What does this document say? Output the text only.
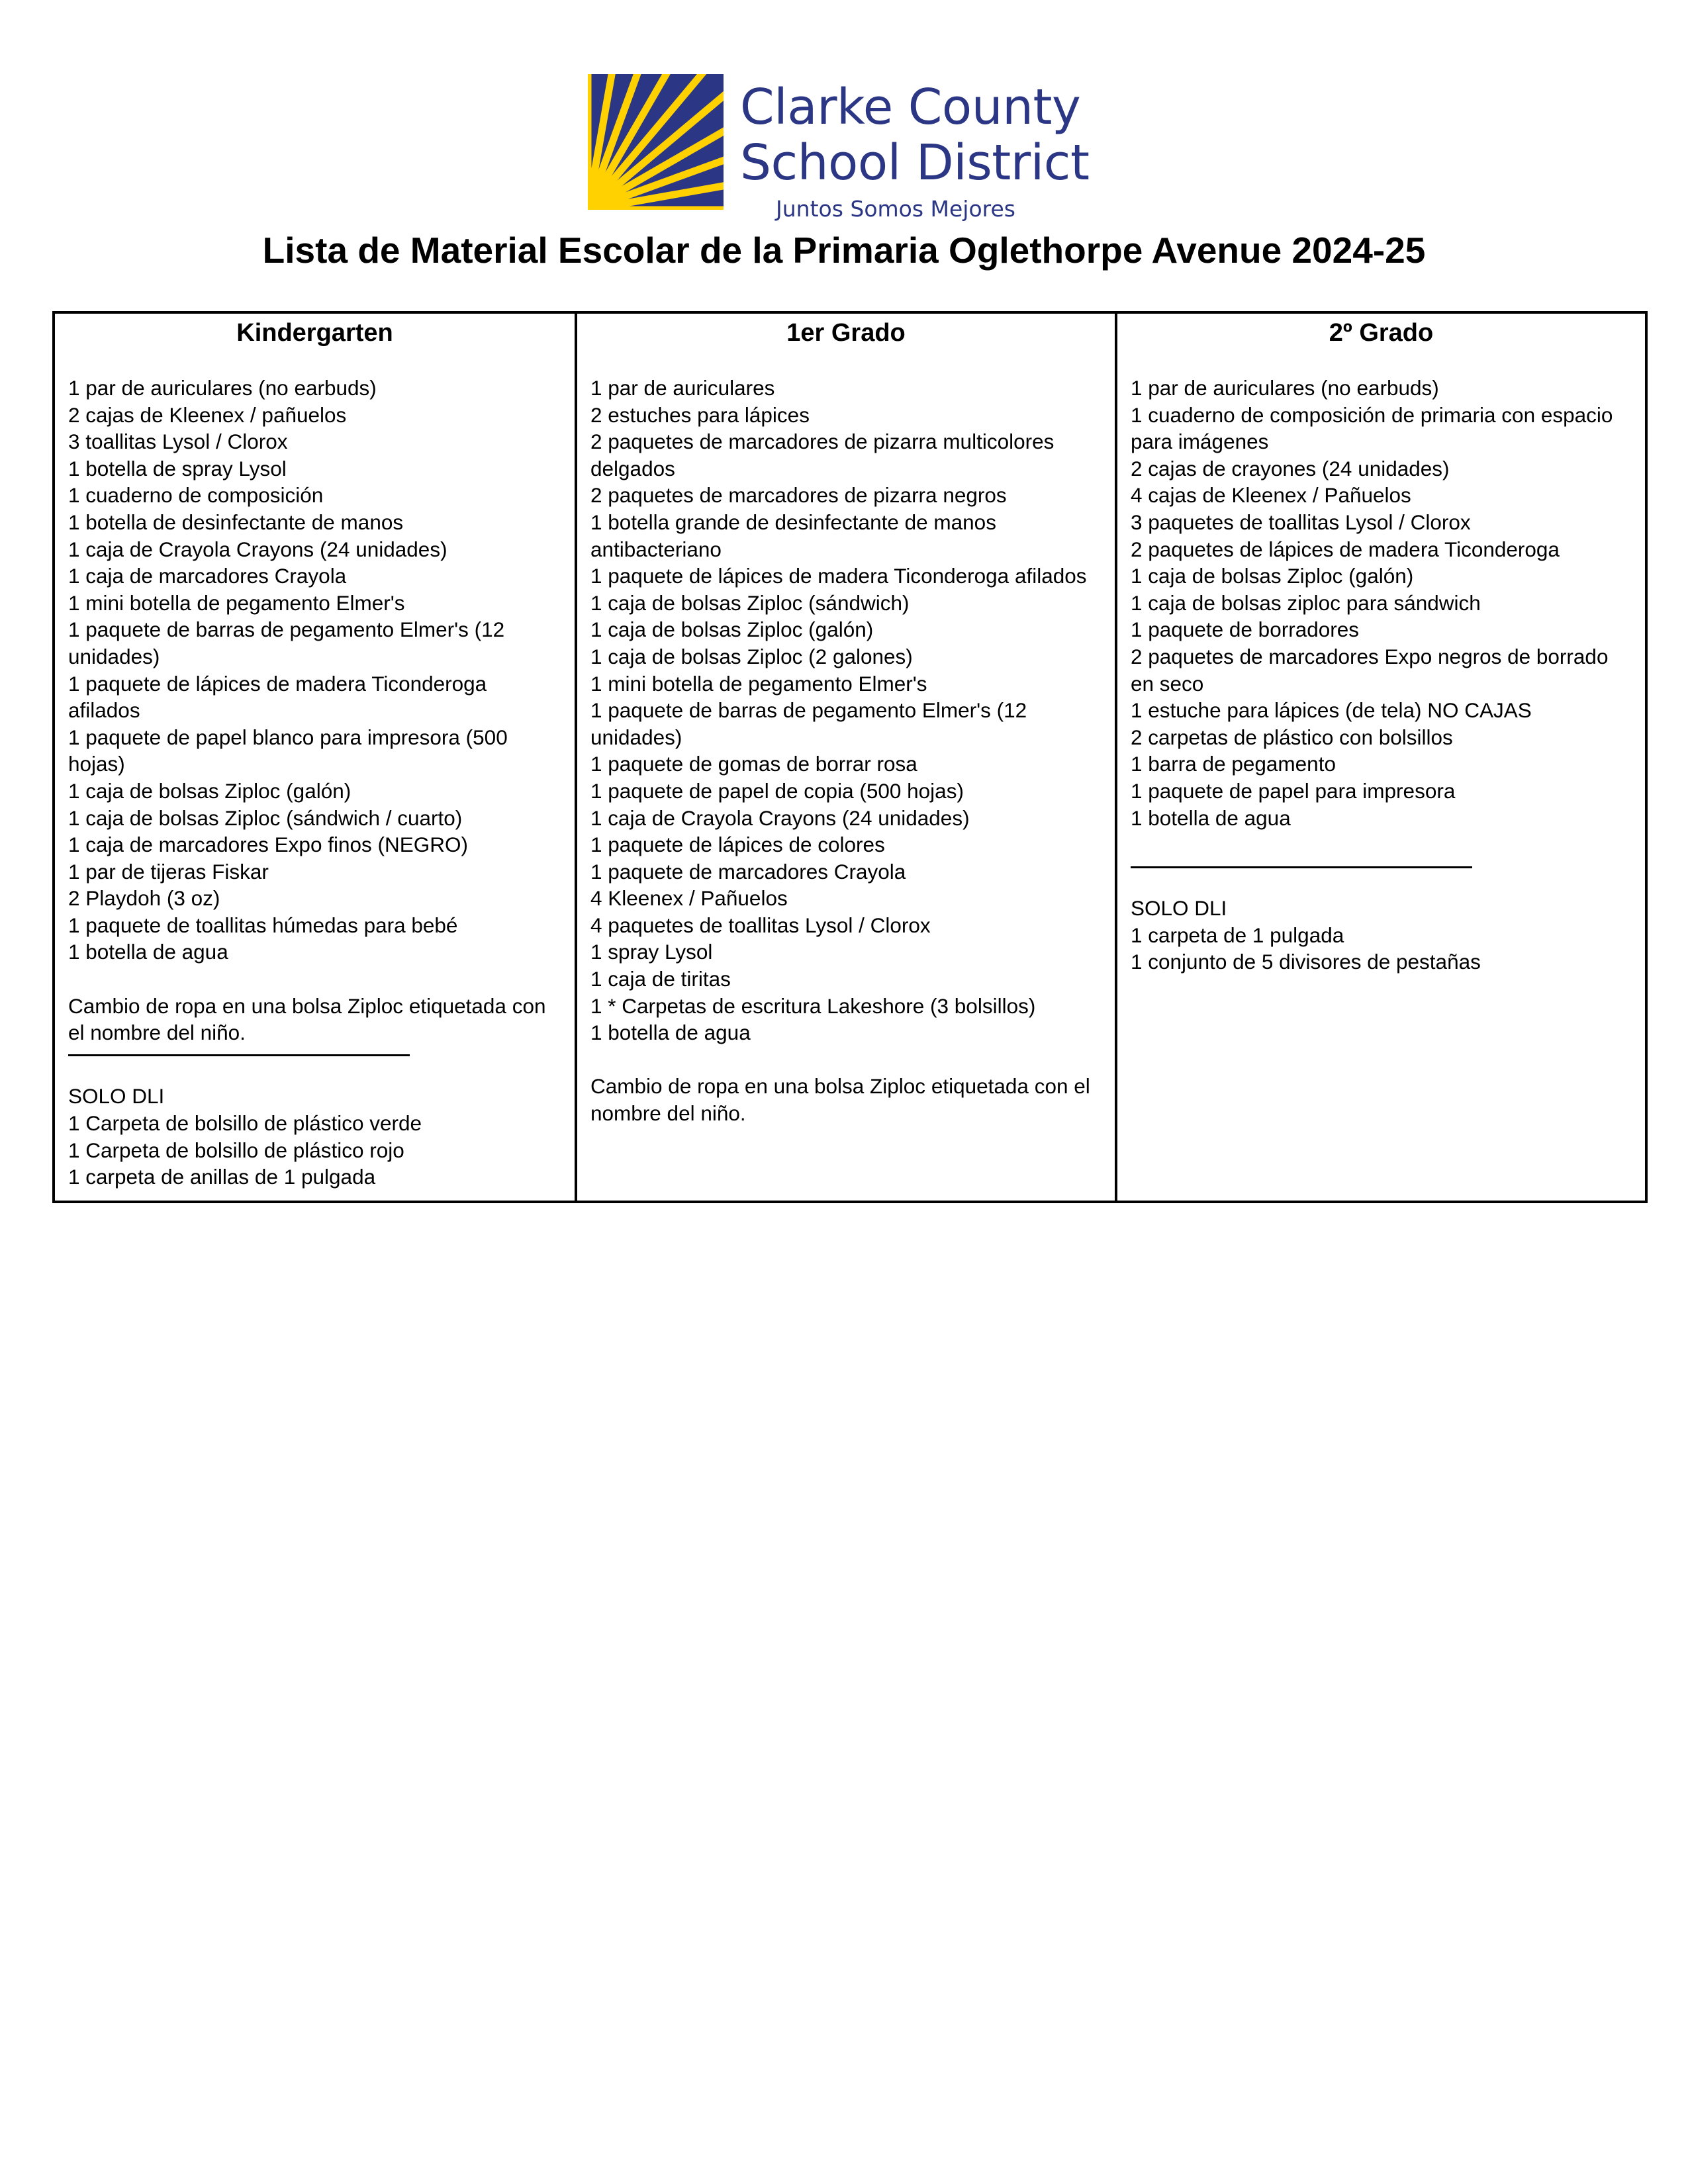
Clarke County
School District
Juntos Somos Mejores
Lista de Material Escolar de la Primaria Oglethorpe Avenue 2024-25
Kindergarten
1 par de auriculares (no earbuds)
2 cajas de Kleenex / pañuelos
3 toallitas Lysol / Clorox
1 botella de spray Lysol
1 cuaderno de composición
1 botella de desinfectante de manos
1 caja de Crayola Crayons (24 unidades)
1 caja de marcadores Crayola
1 mini botella de pegamento Elmer's
1 paquete de barras de pegamento Elmer's (12 unidades)
1 paquete de lápices de madera Ticonderoga afilados
1 paquete de papel blanco para impresora (500 hojas)
1 caja de bolsas Ziploc (galón)
1 caja de bolsas Ziploc (sándwich / cuarto)
1 caja de marcadores Expo finos (NEGRO)
1 par de tijeras Fiskar
2 Playdoh (3 oz)
1 paquete de toallitas húmedas para bebé
1 botella de agua
Cambio de ropa en una bolsa Ziploc etiquetada con el nombre del niño.
SOLO DLI
1 Carpeta de bolsillo de plástico verde
1 Carpeta de bolsillo de plástico rojo
1 carpeta de anillas de 1 pulgada
1er Grado
1 par de auriculares
2 estuches para lápices
2 paquetes de marcadores de pizarra multicolores delgados
2 paquetes de marcadores de pizarra negros
1 botella grande de desinfectante de manos antibacteriano
1 paquete de lápices de madera Ticonderoga afilados
1 caja de bolsas Ziploc (sándwich)
1 caja de bolsas Ziploc (galón)
1 caja de bolsas Ziploc (2 galones)
1 mini botella de pegamento Elmer's
1 paquete de barras de pegamento Elmer's (12 unidades)
1 paquete de gomas de borrar rosa
1 paquete de papel de copia (500 hojas)
1 caja de Crayola Crayons (24 unidades)
1 paquete de lápices de colores
1 paquete de marcadores Crayola
4 Kleenex / Pañuelos
4 paquetes de toallitas Lysol / Clorox
1 spray Lysol
1 caja de tiritas
1 * Carpetas de escritura Lakeshore (3 bolsillos)
1 botella de agua
Cambio de ropa en una bolsa Ziploc etiquetada con el nombre del niño.
2º Grado
1 par de auriculares (no earbuds)
1 cuaderno de composición de primaria con espacio para imágenes
2 cajas de crayones (24 unidades)
4 cajas de Kleenex / Pañuelos
3 paquetes de toallitas Lysol / Clorox
2 paquetes de lápices de madera Ticonderoga
1 caja de bolsas Ziploc (galón)
1 caja de bolsas ziploc para sándwich
1 paquete de borradores
2 paquetes de marcadores Expo negros de borrado en seco
1 estuche para lápices (de tela) NO CAJAS
2 carpetas de plástico con bolsillos
1 barra de pegamento
1 paquete de papel para impresora
1 botella de agua
SOLO DLI
1 carpeta de 1 pulgada
1 conjunto de 5 divisores de pestañas
